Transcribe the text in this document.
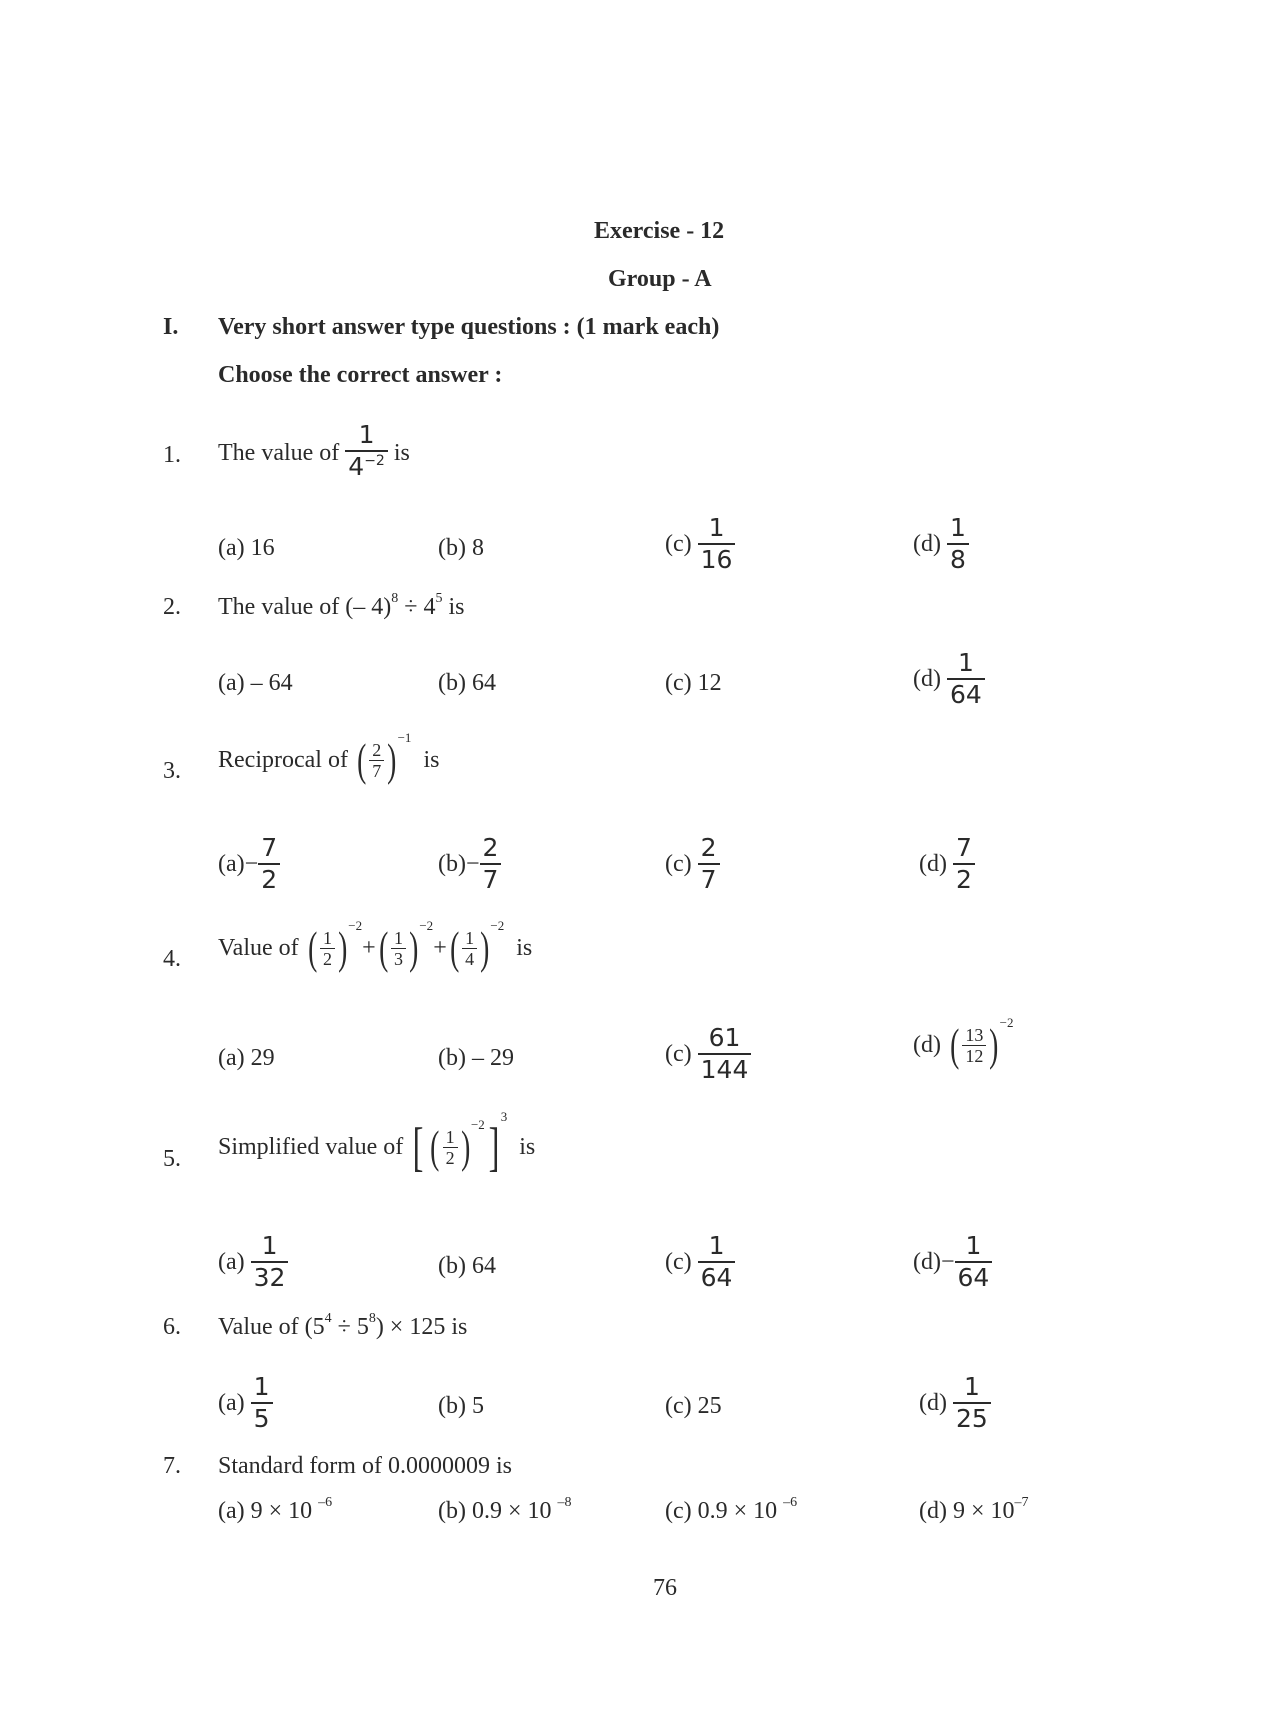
Exercise - 12
Group - A
I. Very short answer type questions : (1 mark each)
Choose the correct answer :
1. The value of
$\frac{1}{4^{-2}}$
is
(a) 16	(b) 8	(c)
$\frac{1}{16}$	(d)
$\frac{1}{8}$
2. The value of (– $4)^8 \div 4^5$ is
(a) – 64	(b) 64	(c) 12	(d)
$\frac{1}{64}$
3. Reciprocal of
( $\frac{2}{7}$ ) −1

is
$(a) - \frac{7}{2}$	$(b) - \frac{2}{7}$	(c)
$\frac{2}{7}$	(d)
$\frac{7}{2}$
4. Value of
( $\frac{1}{2}$ ) −2
+ ( $\frac{1}{3}$ ) −2
+ ( $\frac{1}{4}$ ) −2

is
(a) 29	(b) – 29	(c)
$\frac{61}{144}$	(d)
( $\frac{13}{12}$ ) −2
5. Simplified value of
[ ( $\frac{1}{2}$ ) −2 ]
3

is
(a)
$\frac{1}{32}$	(b) 64	(c)
$\frac{1}{64}$	$(d) - \frac{1}{64}$
6. Value of $(5^4 \div 5^8) \times 125$ is
(a)
$\frac{1}{5}$	(b) 5	(c) 25	(d)
$\frac{1}{25}$
7. Standard form of 0.0000009 is
(a) 9 × 10 $^{-6}$	(b) 0.9 × 10 $^{-8}$	(c) 0.9 × 10 $^{-6}$	(d) $9 \times 10^{-7}$
76
